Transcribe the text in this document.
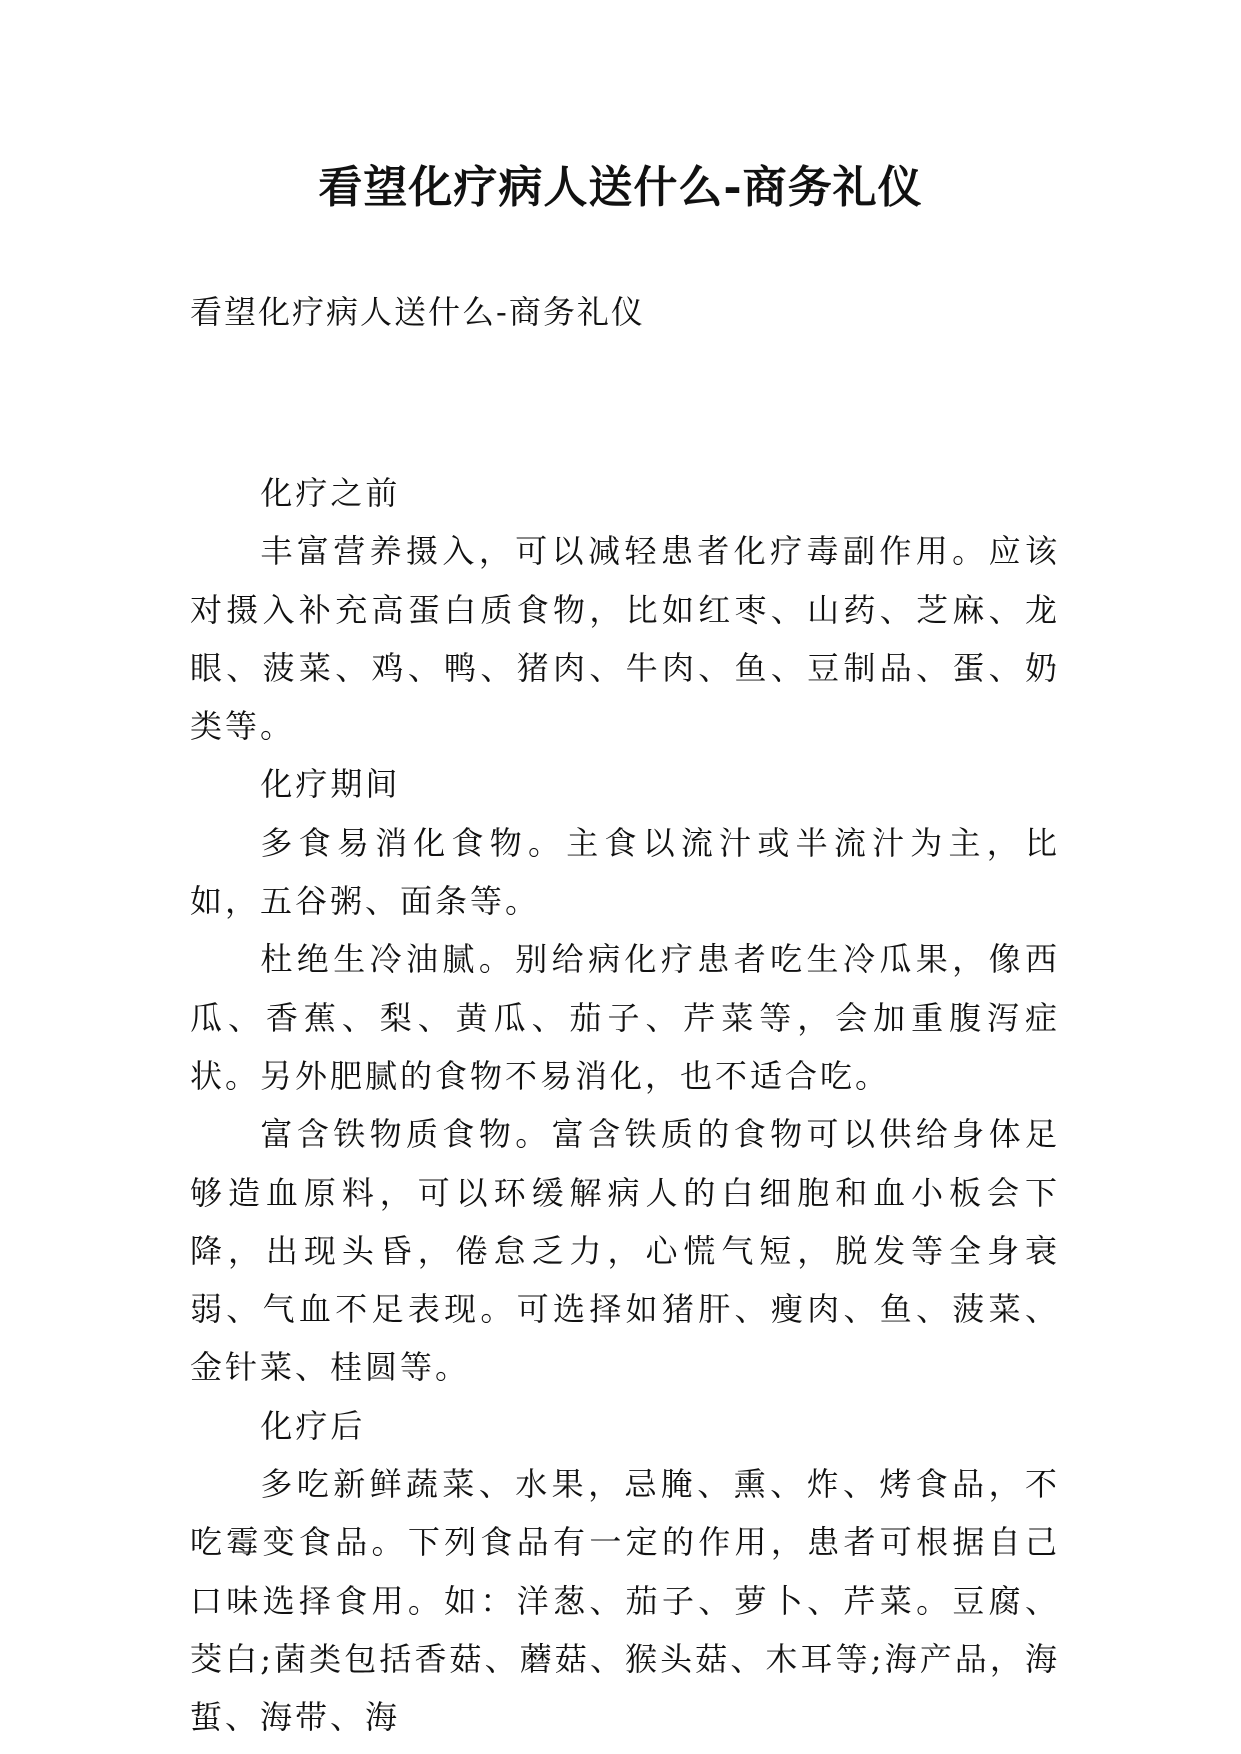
看望化疗病人送什么-商务礼仪
看望化疗病人送什么-商务礼仪

化疗之前

丰富营养摄入，可以减轻患者化疗毒副作用。应该对摄入补充高蛋白质食物，比如红枣、山药、芝麻、龙眼、菠菜、鸡、鸭、猪肉、牛肉、鱼、豆制品、蛋、奶类等。

化疗期间

多食易消化食物。主食以流汁或半流汁为主，比如，五谷粥、面条等。

杜绝生冷油腻。别给病化疗患者吃生冷瓜果，像西瓜、香蕉、梨、黄瓜、茄子、芹菜等，会加重腹泻症状。另外肥腻的食物不易消化，也不适合吃。

富含铁物质食物。富含铁质的食物可以供给身体足够造血原料，可以环缓解病人的白细胞和血小板会下降，出现头昏，倦怠乏力，心慌气短，脱发等全身衰弱、气血不足表现。可选择如猪肝、瘦肉、鱼、菠菜、金针菜、桂圆等。

化疗后

多吃新鲜蔬菜、水果，忌腌、熏、炸、烤食品，不吃霉变食品。下列食品有一定的作用，患者可根据自己口味选择食用。如：洋葱、茄子、萝卜、芹菜。豆腐、茭白;菌类包括香菇、蘑菇、猴头菇、木耳等;海产品，海蜇、海带、海
